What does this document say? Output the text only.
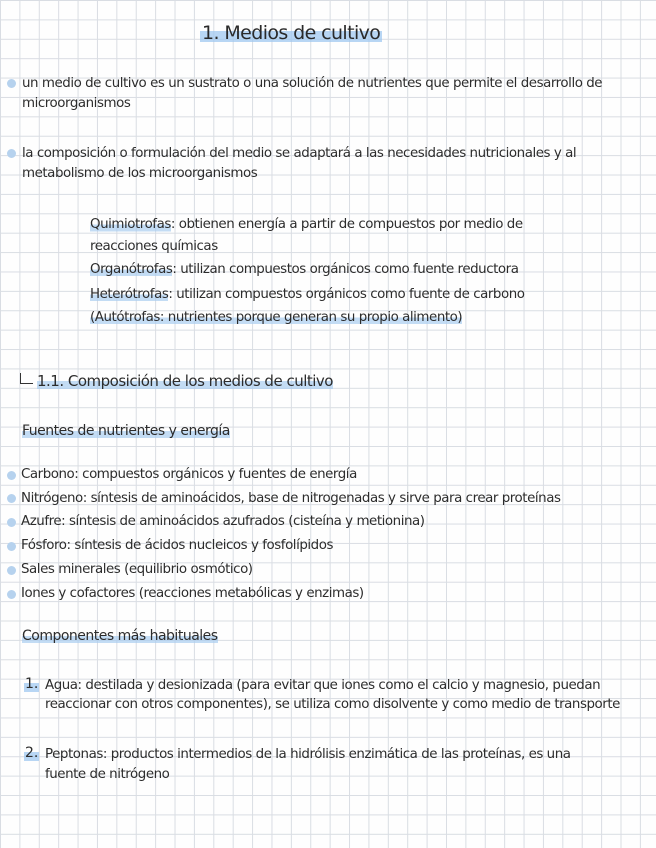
1. Medios de cultivo
un medio de cultivo es un sustrato o una solución de nutrientes que permite el desarrollo de
microorganismos
la composición o formulación del medio se adaptará a las necesidades nutricionales y al
metabolismo de los microorganismos
Quimiotrofas: obtienen energía a partir de compuestos por medio de
reacciones químicas
Organótrofas: utilizan compuestos orgánicos como fuente reductora
Heterótrofas: utilizan compuestos orgánicos como fuente de carbono
(Autótrofas: nutrientes porque generan su propio alimento)
1.1. Composición de los medios de cultivo
Fuentes de nutrientes y energía
Carbono: compuestos orgánicos y fuentes de energía
Nitrógeno: síntesis de aminoácidos, base de nitrogenadas y sirve para crear proteínas
Azufre: síntesis de aminoácidos azufrados (cisteína y metionina)
Fósforo: síntesis de ácidos nucleicos y fosfolípidos
Sales minerales (equilibrio osmótico)
Iones y cofactores (reacciones metabólicas y enzimas)
Componentes más habituales
1. Agua: destilada y desionizada (para evitar que iones como el calcio y magnesio, puedan
reaccionar con otros componentes), se utiliza como disolvente y como medio de transporte
2. Peptonas: productos intermedios de la hidrólisis enzimática de las proteínas, es una
fuente de nitrógeno
